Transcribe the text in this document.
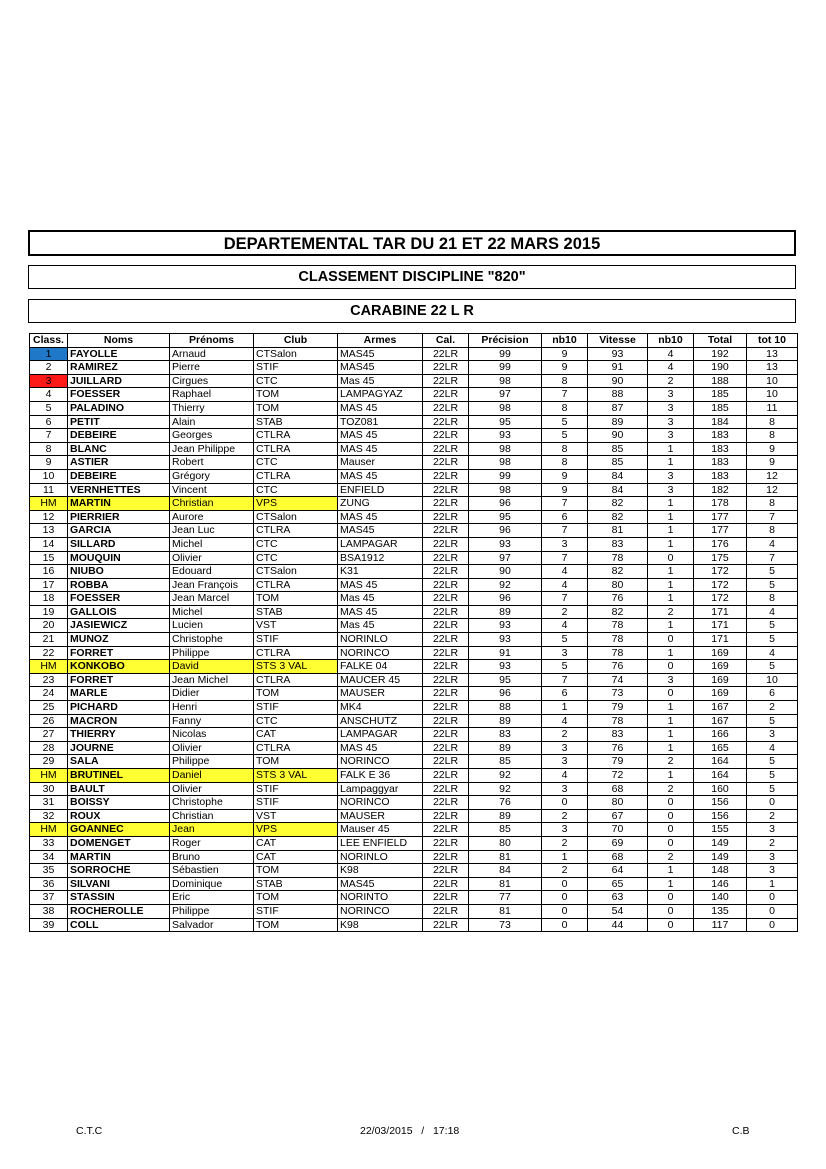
DEPARTEMENTAL TAR DU 21 ET 22 MARS 2015
CLASSEMENT DISCIPLINE "820"
CARABINE 22 L R
Class.	Noms	Prénoms	Club	Armes	Cal.	Précision	nb10	Vitesse	nb10	Total	tot 10
1	FAYOLLE	Arnaud	CTSalon	MAS45	22LR	99	9	93	4	192	13
2	RAMIREZ	Pierre	STIF	MAS45	22LR	99	9	91	4	190	13
3	JUILLARD	Cirgues	CTC	Mas 45	22LR	98	8	90	2	188	10
4	FOESSER	Raphael	TOM	LAMPAGYAZ	22LR	97	7	88	3	185	10
5	PALADINO	Thierry	TOM	MAS 45	22LR	98	8	87	3	185	11
6	PETIT	Alain	STAB	TOZ081	22LR	95	5	89	3	184	8
7	DEBEIRE	Georges	CTLRA	MAS 45	22LR	93	5	90	3	183	8
8	BLANC	Jean Philippe	CTLRA	MAS 45	22LR	98	8	85	1	183	9
9	ASTIER	Robert	CTC	Mauser	22LR	98	8	85	1	183	9
10	DEBEIRE	Grégory	CTLRA	MAS 45	22LR	99	9	84	3	183	12
11	VERNHETTES	Vincent	CTC	ENFIELD	22LR	98	9	84	3	182	12
HM	MARTIN	Christian	VPS	ZUNG	22LR	96	7	82	1	178	8
12	PIERRIER	Aurore	CTSalon	MAS 45	22LR	95	6	82	1	177	7
13	GARCIA	Jean Luc	CTLRA	MAS45	22LR	96	7	81	1	177	8
14	SILLARD	Michel	CTC	LAMPAGAR	22LR	93	3	83	1	176	4
15	MOUQUIN	Olivier	CTC	BSA1912	22LR	97	7	78	0	175	7
16	NIUBO	Edouard	CTSalon	K31	22LR	90	4	82	1	172	5
17	ROBBA	Jean François	CTLRA	MAS 45	22LR	92	4	80	1	172	5
18	FOESSER	Jean Marcel	TOM	Mas 45	22LR	96	7	76	1	172	8
19	GALLOIS	Michel	STAB	MAS 45	22LR	89	2	82	2	171	4
20	JASIEWICZ	Lucien	VST	Mas 45	22LR	93	4	78	1	171	5
21	MUNOZ	Christophe	STIF	NORINLO	22LR	93	5	78	0	171	5
22	FORRET	Philippe	CTLRA	NORINCO	22LR	91	3	78	1	169	4
HM	KONKOBO	David	STS 3 VAL	FALKE 04	22LR	93	5	76	0	169	5
23	FORRET	Jean Michel	CTLRA	MAUCER 45	22LR	95	7	74	3	169	10
24	MARLE	Didier	TOM	MAUSER	22LR	96	6	73	0	169	6
25	PICHARD	Henri	STIF	MK4	22LR	88	1	79	1	167	2
26	MACRON	Fanny	CTC	ANSCHUTZ	22LR	89	4	78	1	167	5
27	THIERRY	Nicolas	CAT	LAMPAGAR	22LR	83	2	83	1	166	3
28	JOURNE	Olivier	CTLRA	MAS 45	22LR	89	3	76	1	165	4
29	SALA	Philippe	TOM	NORINCO	22LR	85	3	79	2	164	5
HM	BRUTINEL	Daniel	STS 3 VAL	FALK E 36	22LR	92	4	72	1	164	5
30	BAULT	Olivier	STIF	Lampaggyar	22LR	92	3	68	2	160	5
31	BOISSY	Christophe	STIF	NORINCO	22LR	76	0	80	0	156	0
32	ROUX	Christian	VST	MAUSER	22LR	89	2	67	0	156	2
HM	GOANNEC	Jean	VPS	Mauser 45	22LR	85	3	70	0	155	3
33	DOMENGET	Roger	CAT	LEE ENFIELD	22LR	80	2	69	0	149	2
34	MARTIN	Bruno	CAT	NORINLO	22LR	81	1	68	2	149	3
35	SORROCHE	Sébastien	TOM	K98	22LR	84	2	64	1	148	3
36	SILVANI	Dominique	STAB	MAS45	22LR	81	0	65	1	146	1
37	STASSIN	Eric	TOM	NORINTO	22LR	77	0	63	0	140	0
38	ROCHEROLLE	Philippe	STIF	NORINCO	22LR	81	0	54	0	135	0
39	COLL	Salvador	TOM	K98	22LR	73	0	44	0	117	0
C.T.C	22/03/2015   /   17:18	C.B
